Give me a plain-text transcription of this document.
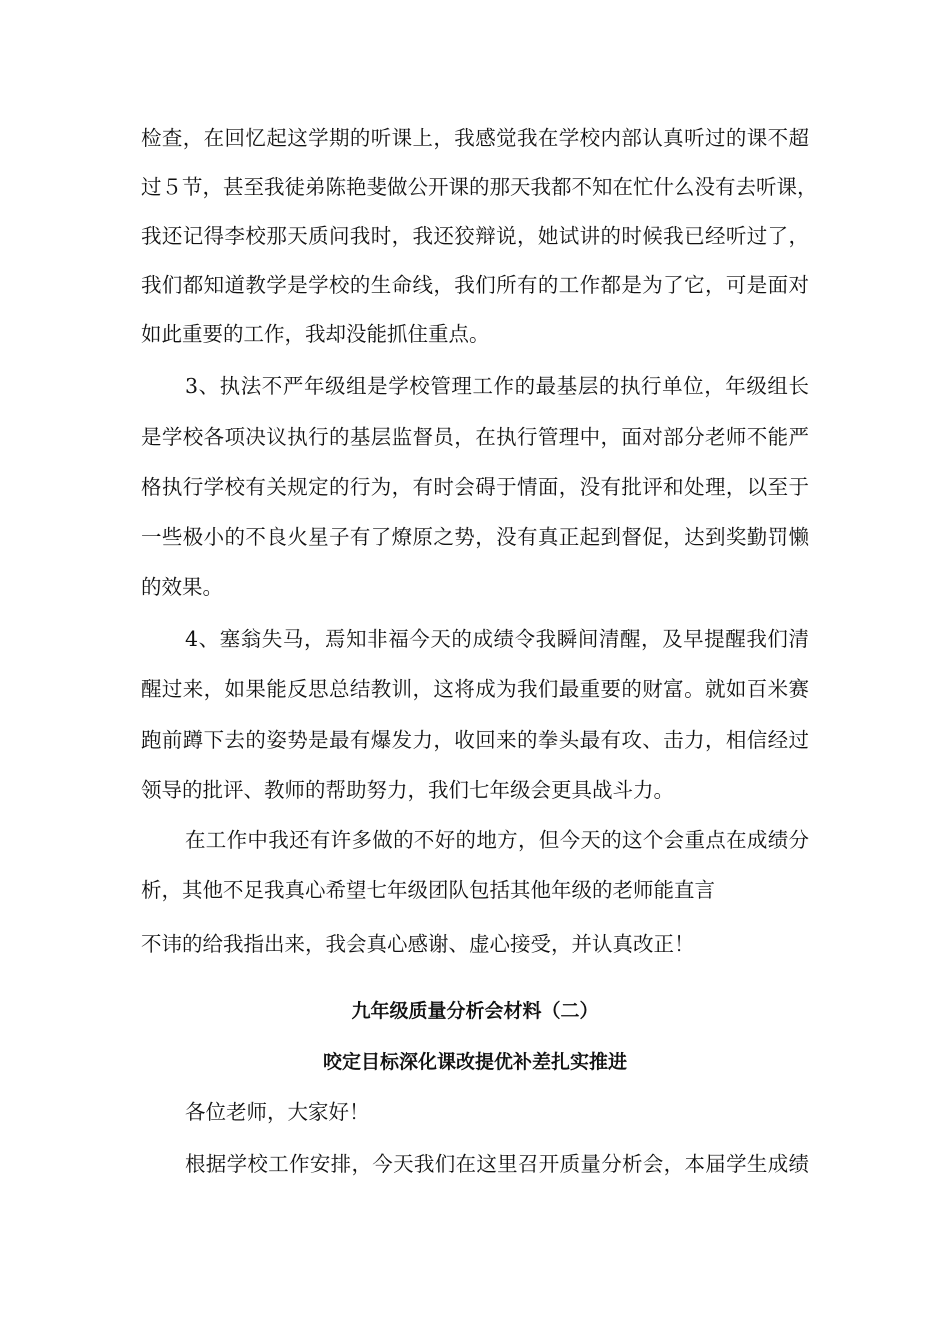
检查，在回忆起这学期的听课上，我感觉我在学校内部认真听过的课不超

过５节，甚至我徒弟陈艳斐做公开课的那天我都不知在忙什么没有去听课，

我还记得李校那天质问我时，我还狡辩说，她试讲的时候我已经听过了，

我们都知道教学是学校的生命线，我们所有的工作都是为了它，可是面对

如此重要的工作，我却没能抓住重点。

3、执法不严年级组是学校管理工作的最基层的执行单位，年级组长

是学校各项决议执行的基层监督员，在执行管理中，面对部分老师不能严

格执行学校有关规定的行为，有时会碍于情面，没有批评和处理，以至于

一些极小的不良火星子有了燎原之势，没有真正起到督促，达到奖勤罚懒

的效果。

4、塞翁失马，焉知非福今天的成绩令我瞬间清醒，及早提醒我们清

醒过来，如果能反思总结教训，这将成为我们最重要的财富。就如百米赛

跑前蹲下去的姿势是最有爆发力，收回来的拳头最有攻、击力，相信经过

领导的批评、教师的帮助努力，我们七年级会更具战斗力。

在工作中我还有许多做的不好的地方，但今天的这个会重点在成绩分

析，其他不足我真心希望七年级团队包括其他年级的老师能直言

不讳的给我指出来，我会真心感谢、虚心接受，并认真改正！

九年级质量分析会材料（二）

咬定目标深化课改提优补差扎实推进

各位老师，大家好！

根据学校工作安排，今天我们在这里召开质量分析会，本届学生成绩
